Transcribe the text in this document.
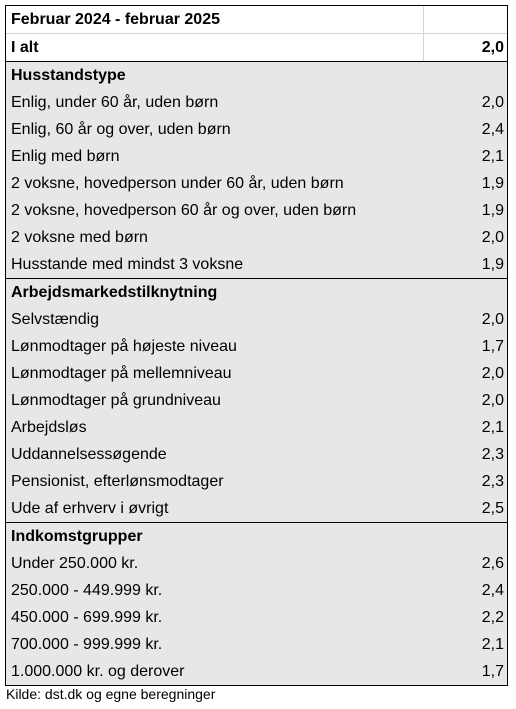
Februar 2024 - februar 2025
I alt	2,0
Husstandstype
Enlig, under 60 år, uden børn	2,0
Enlig, 60 år og over, uden børn	2,4
Enlig med børn	2,1
2 voksne, hovedperson under 60 år, uden børn	1,9
2 voksne, hovedperson 60 år og over, uden børn	1,9
2 voksne med børn	2,0
Husstande med mindst 3 voksne	1,9
Arbejdsmarkedstilknytning
Selvstændig	2,0
Lønmodtager på højeste niveau	1,7
Lønmodtager på mellemniveau	2,0
Lønmodtager på grundniveau	2,0
Arbejdsløs	2,1
Uddannelsessøgende	2,3
Pensionist, efterlønsmodtager	2,3
Ude af erhverv i øvrigt	2,5
Indkomstgrupper
Under 250.000 kr.	2,6
250.000 - 449.999 kr.	2,4
450.000 - 699.999 kr.	2,2
700.000 - 999.999 kr.	2,1
1.000.000 kr. og derover	1,7
Kilde: dst.dk og egne beregninger
